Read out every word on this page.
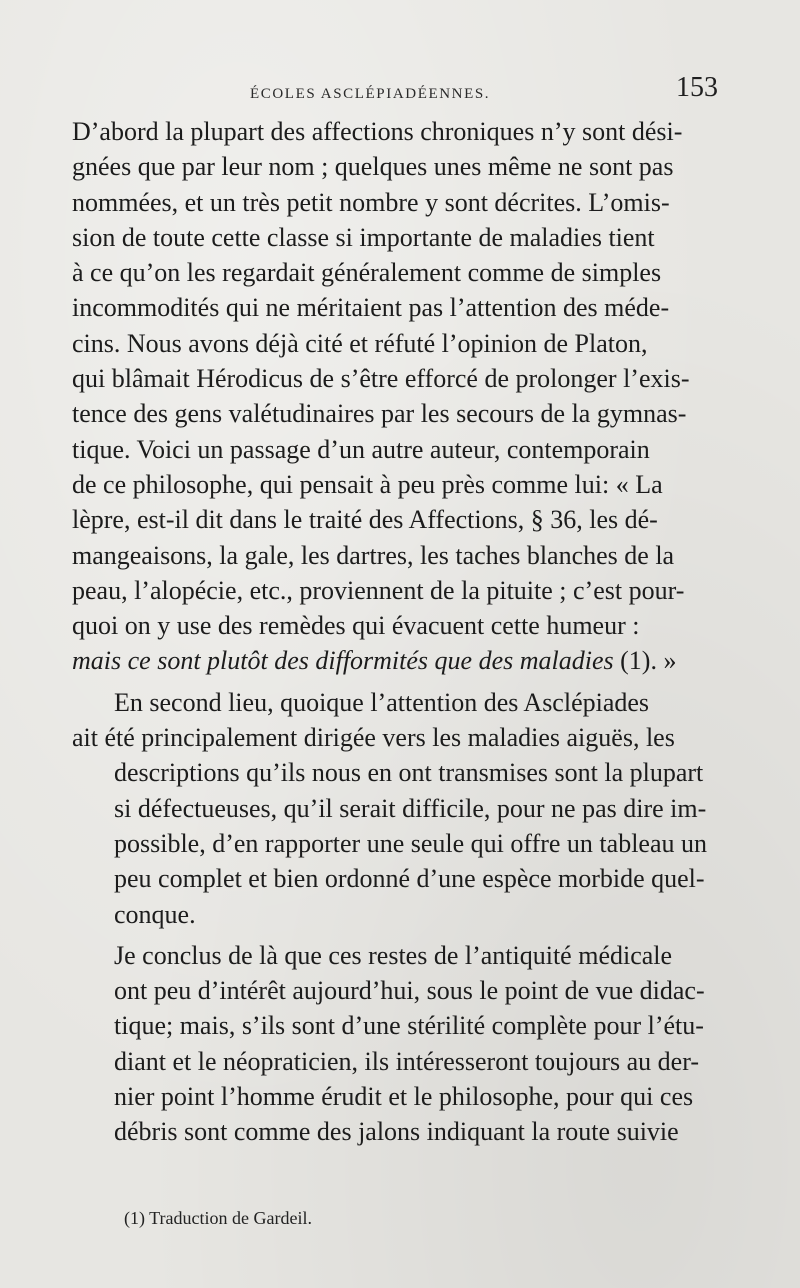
ÉCOLES ASCLÉPIADÉENNES.	153

D’abord la plupart des affections chroniques n’y sont dési-
gnées que par leur nom ; quelques unes même ne sont pas
nommées, et un très petit nombre y sont décrites. L’omis-
sion de toute cette classe si importante de maladies tient
à ce qu’on les regardait généralement comme de simples
incommodités qui ne méritaient pas l’attention des méde-
cins. Nous avons déjà cité et réfuté l’opinion de Platon,
qui blâmait Hérodicus de s’être efforcé de prolonger l’exis-
tence des gens valétudinaires par les secours de la gymnas-
tique. Voici un passage d’un autre auteur, contemporain
de ce philosophe, qui pensait à peu près comme lui: « La
lèpre, est-il dit dans le traité des Affections, § 36, les dé-
mangeaisons, la gale, les dartres, les taches blanches de la
peau, l’alopécie, etc., proviennent de la pituite ; c’est pour-
quoi on y use des remèdes qui évacuent cette humeur :
mais ce sont plutôt des difformités que des maladies (1). »

En second lieu, quoique l’attention des Asclépiades
ait été principalement dirigée vers les maladies aiguës, les
descriptions qu’ils nous en ont transmises sont la plupart
si défectueuses, qu’il serait difficile, pour ne pas dire im-
possible, d’en rapporter une seule qui offre un tableau un
peu complet et bien ordonné d’une espèce morbide quel-
conque.

Je conclus de là que ces restes de l’antiquité médicale
ont peu d’intérêt aujourd’hui, sous le point de vue didac-
tique; mais, s’ils sont d’une stérilité complète pour l’étu-
diant et le néopraticien, ils intéresseront toujours au der-
nier point l’homme érudit et le philosophe, pour qui ces
débris sont comme des jalons indiquant la route suivie

(1) Traduction de Gardeil.
